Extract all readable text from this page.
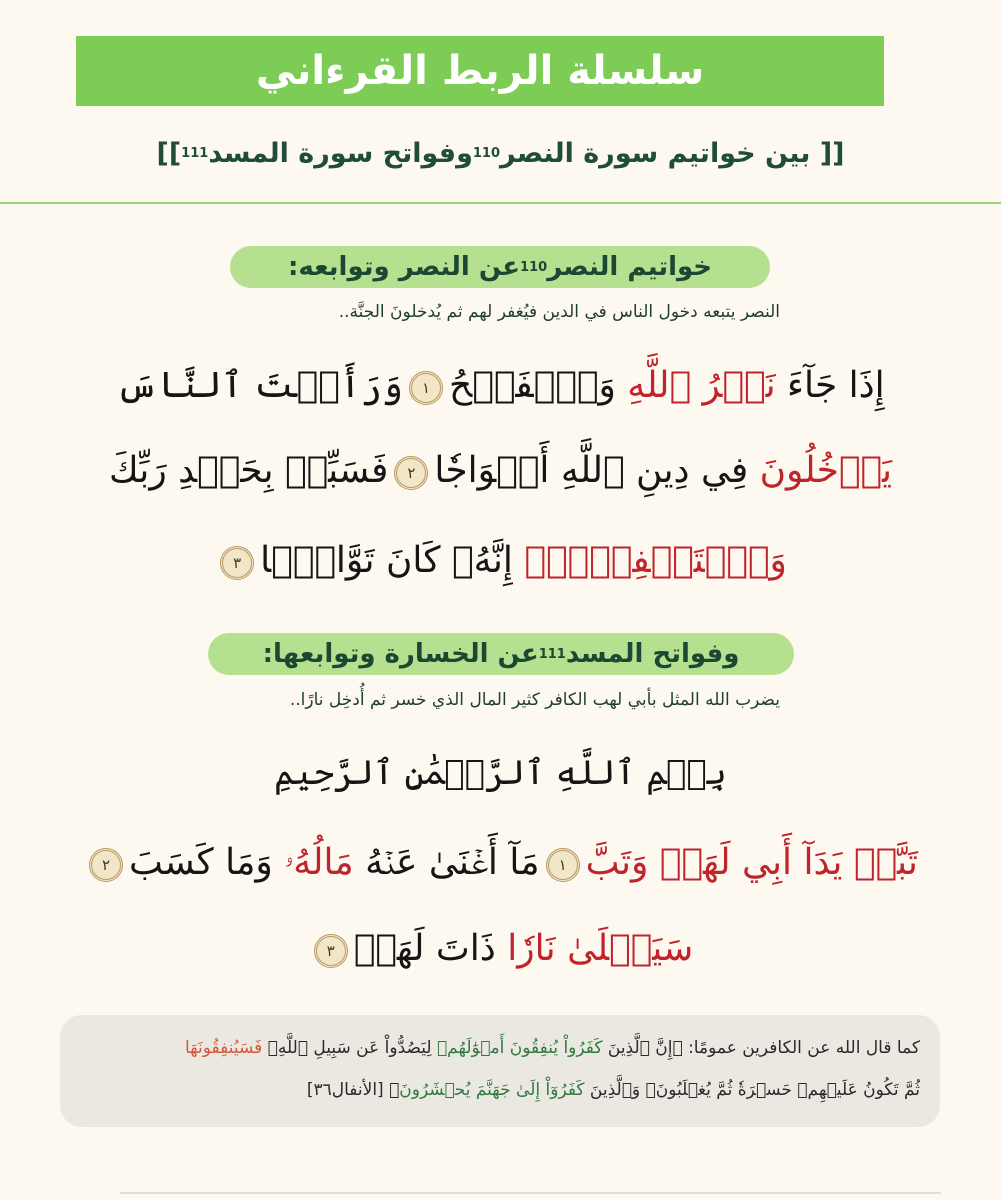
سلسلة الربط القرءاني
[[ بين خواتيم سورة النصر
110
وفواتح سورة المسد
111
]]
خواتيم النصر
110
عن النصر وتوابعه:
النصر يتبعه دخول الناس في الدين فيُغفر لهم ثم يُدخلونَ الجنَّة..
إِذَا جَآءَ نَصۡرُ ٱللَّهِ وَٱلۡفَتۡحُ١وَرَأَيۡتَ ٱلنَّاسَ
يَدۡخُلُونَ فِي دِينِ ٱللَّهِ أَفۡوَاجٗا٢فَسَبِّحۡ بِحَمۡدِ رَبِّكَ
وَٱسۡتَغۡفِرۡهُۚ إِنَّهُۥ كَانَ تَوَّابَۢا٣
وفواتح المسد
111
عن الخسارة وتوابعها:
يضرب الله المثل بأبي لهب الكافر كثير المال الذي خسر ثم أُدخِل نارًا..
بِسۡمِ ٱللَّهِ ٱلرَّحۡمَٰنِ ٱلرَّحِيمِ
تَبَّتۡ يَدَآ أَبِي لَهَبٖ وَتَبَّ١مَآ أَغۡنَىٰ عَنۡهُ مَالُهُۥ وَمَا كَسَبَ٢
سَيَصۡلَىٰ نَارٗا ذَاتَ لَهَبٖ٣
كما قال الله عن الكافرين عمومًا: ﴿إِنَّ ٱلَّذِينَ كَفَرُواْ يُنفِقُونَ أَمۡوَٰلَهُمۡ لِيَصُدُّواْ عَن سَبِيلِ ٱللَّهِۚ فَسَيُنفِقُونَهَا
ثُمَّ تَكُونُ عَلَيۡهِمۡ حَسۡرَةٗ ثُمَّ يُغۡلَبُونَۗ وَٱلَّذِينَ كَفَرُوٓاْ إِلَىٰ جَهَنَّمَ يُحۡشَرُونَ﴾ [الأنفال٣٦]
